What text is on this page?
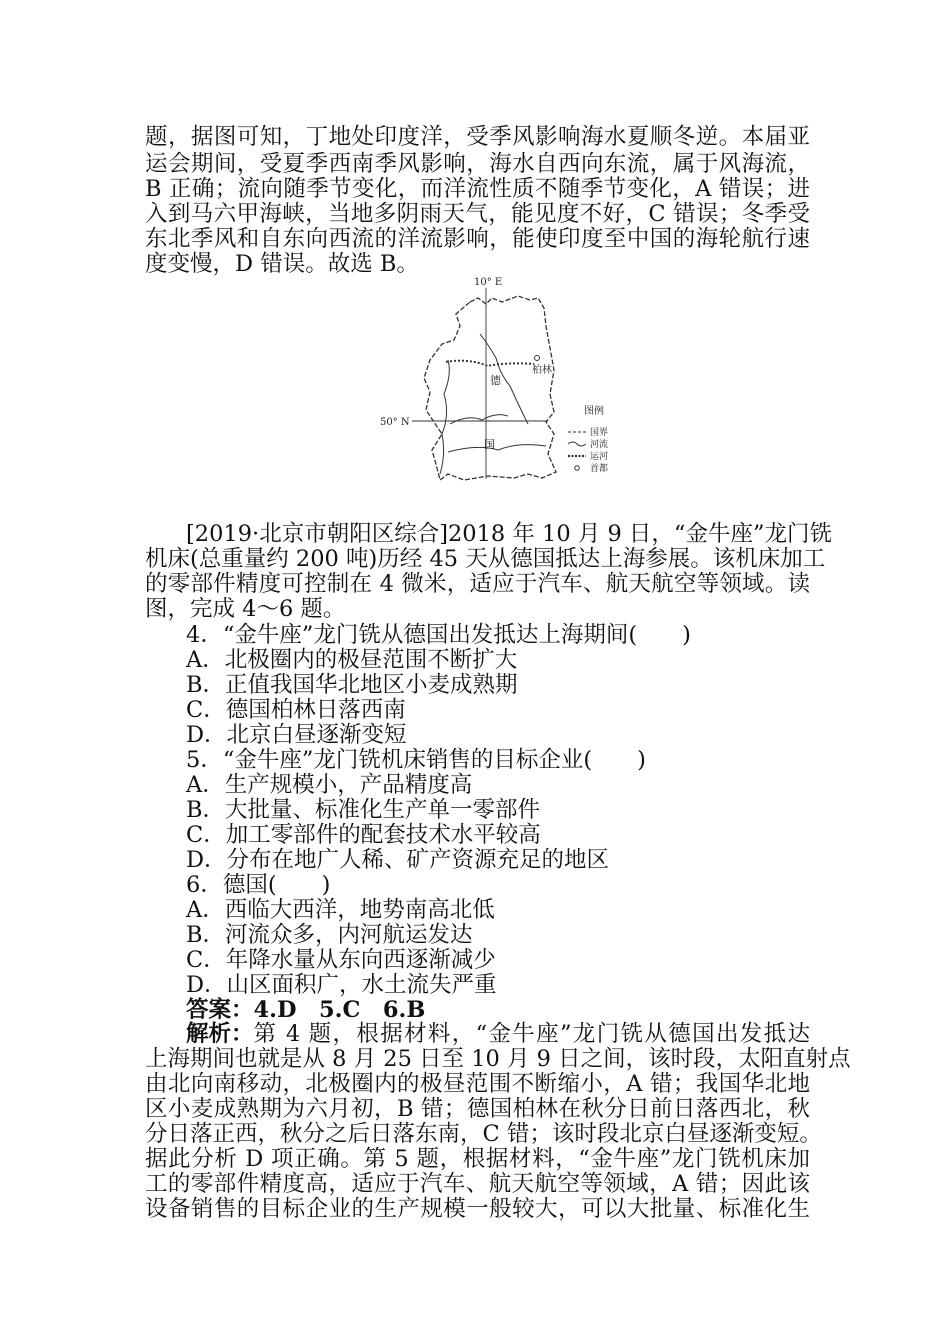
题，据图可知，丁地处印度洋，受季风影响海水夏顺冬逆。本届亚
运会期间，受夏季西南季风影响，海水自西向东流，属于风海流，
B 正确；流向随季节变化，而洋流性质不随季节变化，A 错误；进
入到马六甲海峡，当地多阴雨天气，能见度不好，C 错误；冬季受
东北季风和自东向西流的洋流影响，能使印度至中国的海轮航行速
度变慢，D 错误。故选 B。
10° E
50° N
德
国
柏林
图例
国界
河流
运河
首都
[2019·北京市朝阳区综合]2018 年 10 月 9 日，“金牛座”龙门铣
机床(总重量约 200 吨)历经 45 天从德国抵达上海参展。该机床加工
的零部件精度可控制在 4 微米，适应于汽车、航天航空等领域。读
图，完成 4～6 题。
4．“金牛座”龙门铣从德国出发抵达上海期间(　　)
A．北极圈内的极昼范围不断扩大
B．正值我国华北地区小麦成熟期
C．德国柏林日落西南
D．北京白昼逐渐变短
5．“金牛座”龙门铣机床销售的目标企业(　　)
A．生产规模小，产品精度高
B．大批量、标准化生产单一零部件
C．加工零部件的配套技术水平较高
D．分布在地广人稀、矿产资源充足的地区
6．德国(　　)
A．西临大西洋，地势南高北低
B．河流众多，内河航运发达
C．年降水量从东向西逐渐减少
D．山区面积广，水土流失严重
答案：4.D　5.C　6.B
解析： 第 4 题，根据材料，“金牛座”龙门铣从德国出发抵达
上海期间也就是从 8 月 25 日至 10 月 9 日之间，该时段，太阳直射点
由北向南移动，北极圈内的极昼范围不断缩小，A 错；我国华北地
区小麦成熟期为六月初，B 错；德国柏林在秋分日前日落西北，秋
分日落正西，秋分之后日落东南，C 错；该时段北京白昼逐渐变短。
据此分析 D 项正确。第 5 题，根据材料，“金牛座”龙门铣机床加
工的零部件精度高，适应于汽车、航天航空等领域，A 错；因此该
设备销售的目标企业的生产规模一般较大，可以大批量、标准化生
